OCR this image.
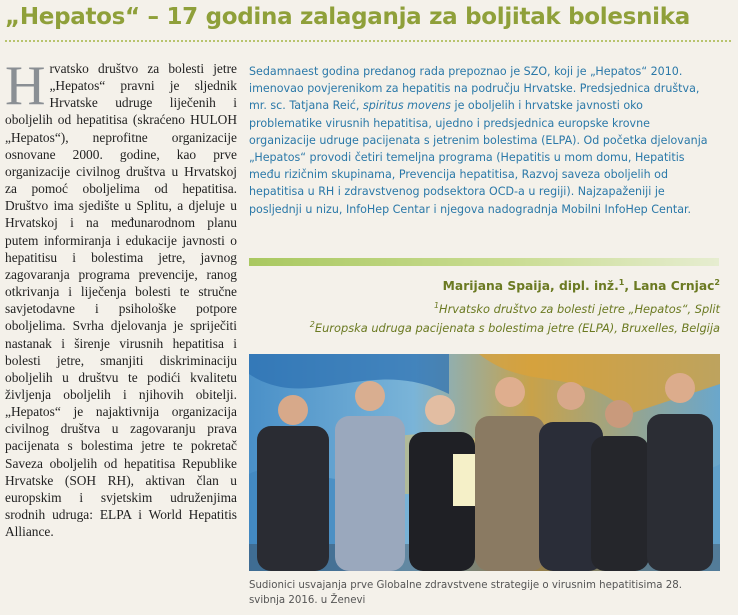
„Hepatos“ – 17 godina zalaganja za boljitak bolesnika

Hrvatsko društvo za bolesti jetre „Hepatos“ pravni je sljednik Hrvatske udruge liječenih i oboljelih od hepatitisa (skraćeno HULOH „Hepatos“), neprofitne organizacije osnovane 2000. godine, kao prve organizacije civilnog društva u Hrvatskoj za pomoć oboljelima od hepatitisa. Društvo ima sjedište u Splitu, a djeluje u Hrvatskoj i na međunarodnom planu putem informiranja i edukacije javnosti o hepatitisu i bolestima jetre, javnog zagovaranja programa prevencije, ranog otkrivanja i liječenja bolesti te stručne savjetodavne i psihološke potpore oboljelima. Svrha djelovanja je spriječiti nastanak i širenje virusnih hepatitisa i bolesti jetre, smanjiti diskriminaciju oboljelih u društvu te podići kvalitetu življenja oboljelih i njihovih obitelji. „Hepatos“ je najaktivnija organizacija civilnog društva u zagovaranju prava pacijenata s bolestima jetre te pokretač Saveza oboljelih od hepatitisa Republike Hrvatske (SOH RH), aktivan član u europskim i svjetskim udruženjima srodnih udruga: ELPA i World Hepatitis Alliance.

Sedamnaest godina predanog rada prepoznao je SZO, koji je „Hepatos“ 2010. imenovao povjerenikom za hepatitis na području Hrvatske. Predsjednica društva, mr. sc. Tatjana Reić, spiritus movens je oboljelih i hrvatske javnosti oko problematike virusnih hepatitisa, ujedno i predsjednica europske krovne organizacije udruge pacijenata s jetrenim bolestima (ELPA). Od početka djelovanja „Hepatos“ provodi četiri temeljna programa (Hepatitis u mom domu, Hepatitis među rizičnim skupinama, Prevencija hepatitisa, Razvoj saveza oboljelih od hepatitisa u RH i zdravstvenog podsektora OCD-a u regiji). Najzapaženiji je posljednji u nizu, InfoHep Centar i njegova nadogradnja Mobilni InfoHep Centar.

Marijana Spaija, dipl. inž.$^1$, Lana Crnjac$^2$
$^1$Hrvatsko društvo za bolesti jetre „Hepatos“, Split
$^2$Europska udruga pacijenata s bolestima jetre (ELPA), Bruxelles, Belgija
Sudionici usvajanja prve Globalne zdravstvene strategije o virusnim hepatitisima 28. svibnja 2016. u Ženevi
